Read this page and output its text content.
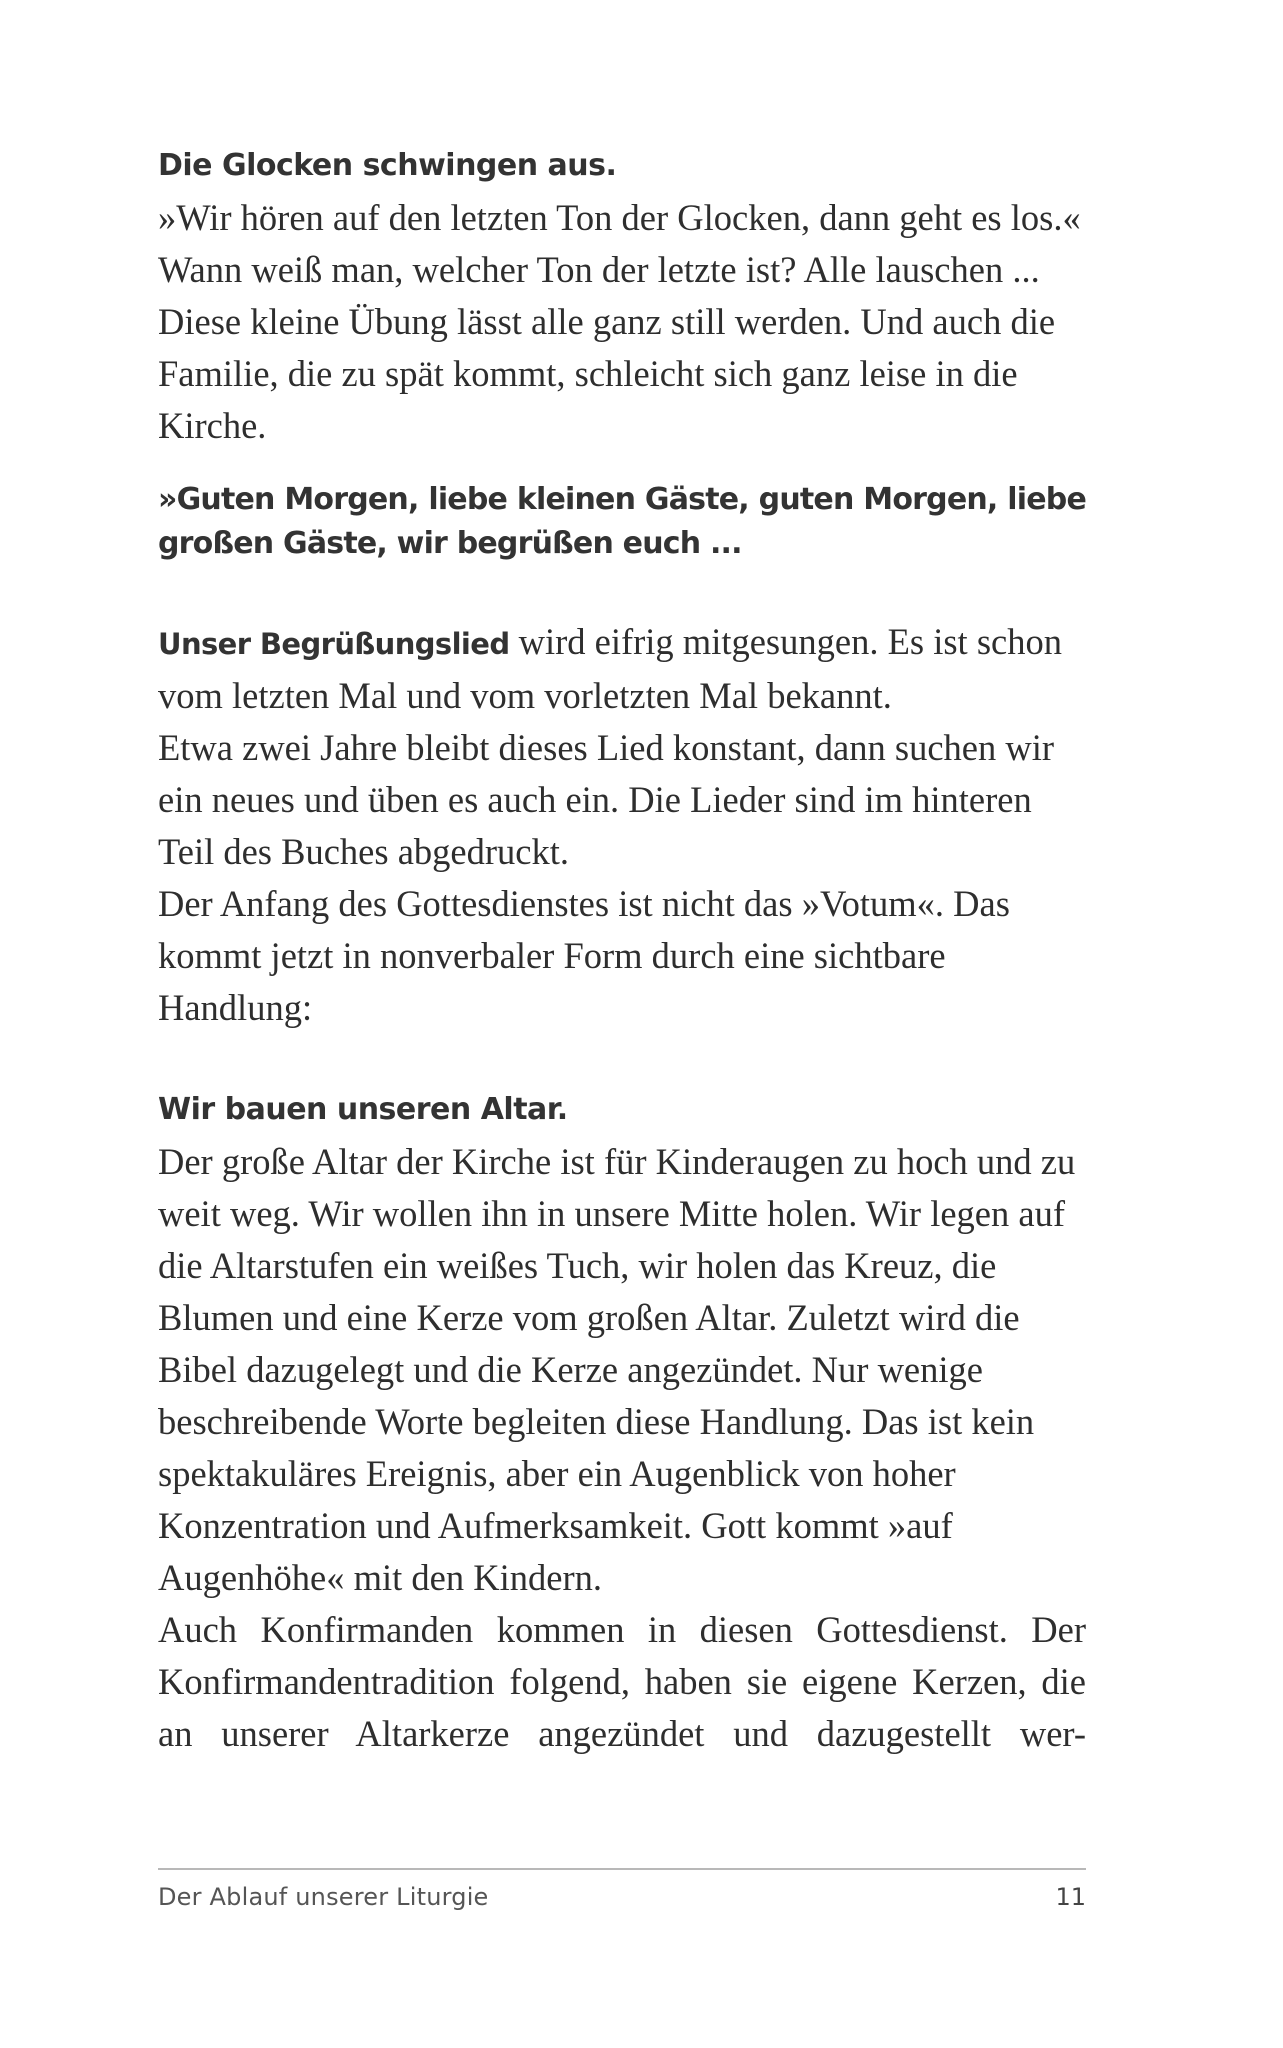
Die Glocken schwingen aus.

»Wir hören auf den letzten Ton der Glocken, dann geht es los.«

Wann weiß man, welcher Ton der letzte ist? Alle lauschen ... Diese kleine Übung lässt alle ganz still werden. Und auch die Familie, die zu spät kommt, schleicht sich ganz leise in die Kirche.

»Guten Morgen, liebe kleinen Gäste, guten Morgen, liebe großen Gäste, wir begrüßen euch ...

Unser Begrüßungslied wird eifrig mitgesungen. Es ist schon vom letzten Mal und vom vorletzten Mal bekannt.

Etwa zwei Jahre bleibt dieses Lied konstant, dann suchen wir ein neues und üben es auch ein. Die Lieder sind im hinteren Teil des Buches abgedruckt.

Der Anfang des Gottesdienstes ist nicht das »Votum«. Das kommt jetzt in nonverbaler Form durch eine sichtbare Handlung:

Wir bauen unseren Altar.

Der große Altar der Kirche ist für Kinderaugen zu hoch und zu weit weg. Wir wollen ihn in unsere Mitte holen. Wir legen auf die Altarstufen ein weißes Tuch, wir holen das Kreuz, die Blumen und eine Kerze vom großen Altar. Zuletzt wird die Bibel dazugelegt und die Kerze angezündet. Nur wenige beschreibende Worte begleiten diese Handlung. Das ist kein spektakuläres Ereignis, aber ein Augenblick von hoher Konzentration und Aufmerksamkeit. Gott kommt »auf Augenhöhe« mit den Kindern.

Auch Konfirmanden kommen in diesen Gottesdienst. Der Konfirmandentradition folgend, haben sie eigene Kerzen, die an unserer Altarkerze angezündet und dazugestellt wer-

Der Ablauf unserer Liturgie	11
